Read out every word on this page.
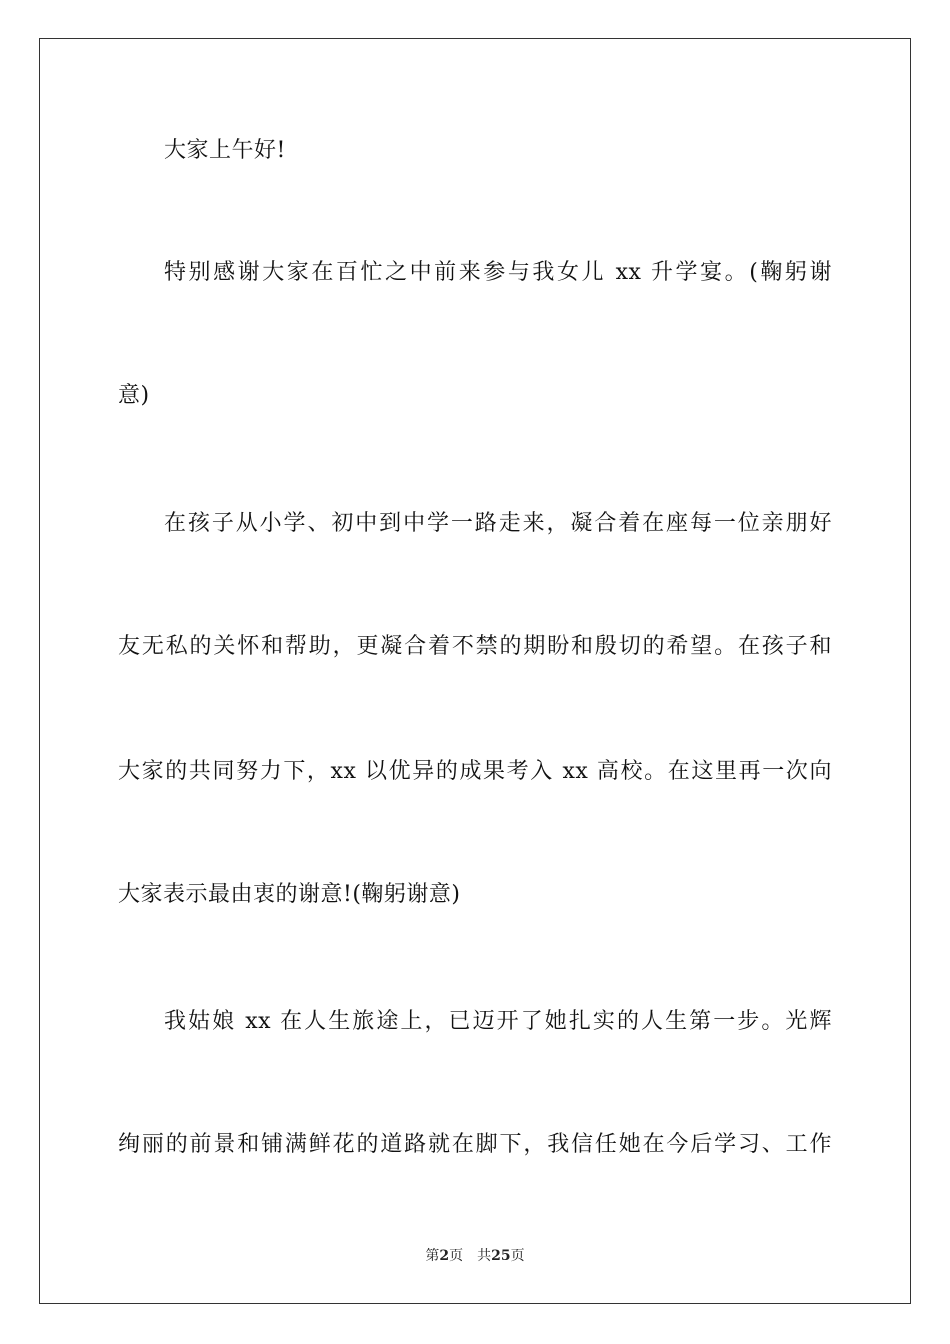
大家上午好!
特别感谢大家在百忙之中前来参与我女儿 xx 升学宴。(鞠躬谢
意)
在孩子从小学、初中到中学一路走来，凝合着在座每一位亲朋好
友无私的关怀和帮助，更凝合着不禁的期盼和殷切的希望。在孩子和
大家的共同努力下，xx 以优异的成果考入 xx 高校。在这里再一次向
大家表示最由衷的谢意!(鞠躬谢意)
我姑娘 xx 在人生旅途上，已迈开了她扎实的人生第一步。光辉
绚丽的前景和铺满鲜花的道路就在脚下，我信任她在今后学习、工作
第2页 共25页
